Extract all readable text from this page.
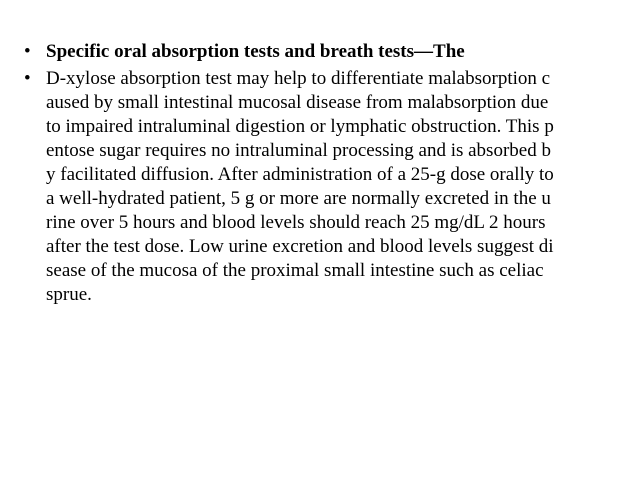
• Specific oral absorption tests and breath tests—The
• D-xylose absorption test may help to differentiate malabsorption c
aused by small intestinal mucosal disease from malabsorption due
to impaired intraluminal digestion or lymphatic obstruction. This p
entose sugar requires no intraluminal processing and is absorbed b
y facilitated diffusion. After administration of a 25-g dose orally to
a well-hydrated patient, 5 g or more are normally excreted in the u
rine over 5 hours and blood levels should reach 25 mg/dL 2 hours
after the test dose. Low urine excretion and blood levels suggest di
sease of the mucosa of the proximal small intestine such as celiac
sprue.
